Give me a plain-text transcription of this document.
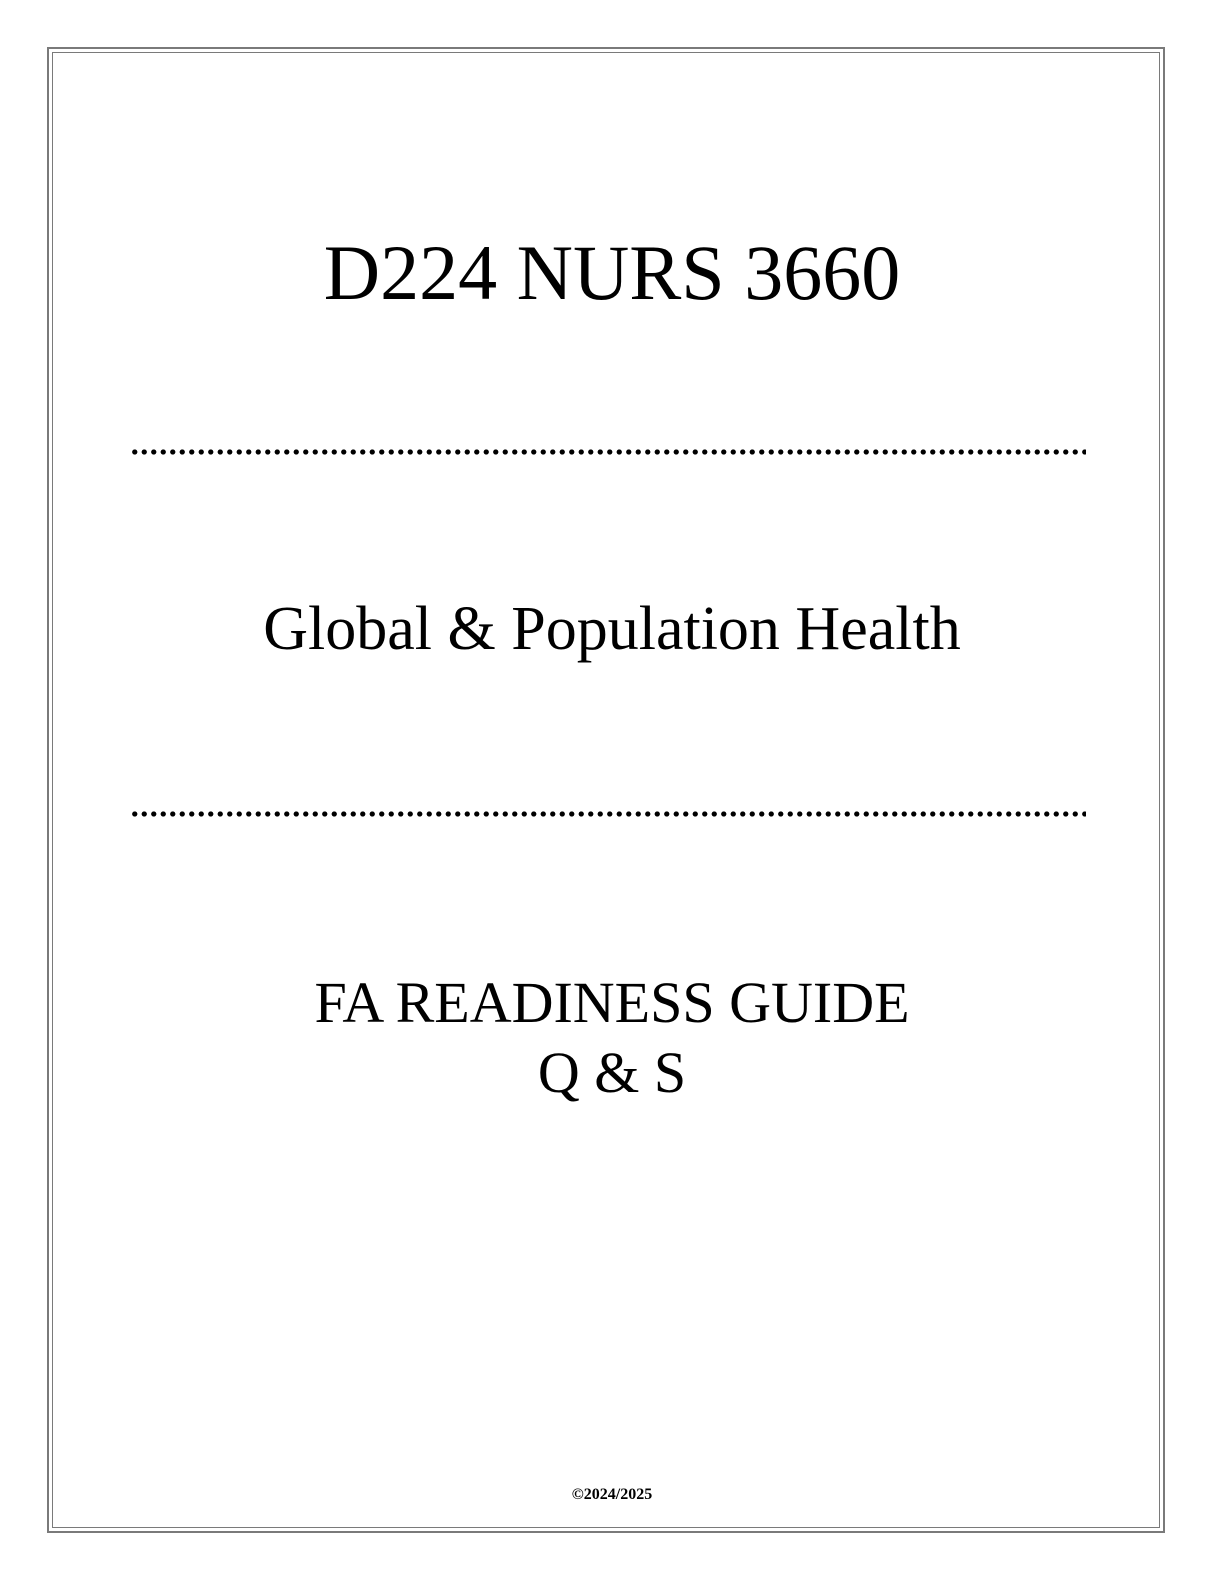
D224 NURS 3660
Global & Population Health
FA READINESS GUIDE
Q & S
©2024/2025
